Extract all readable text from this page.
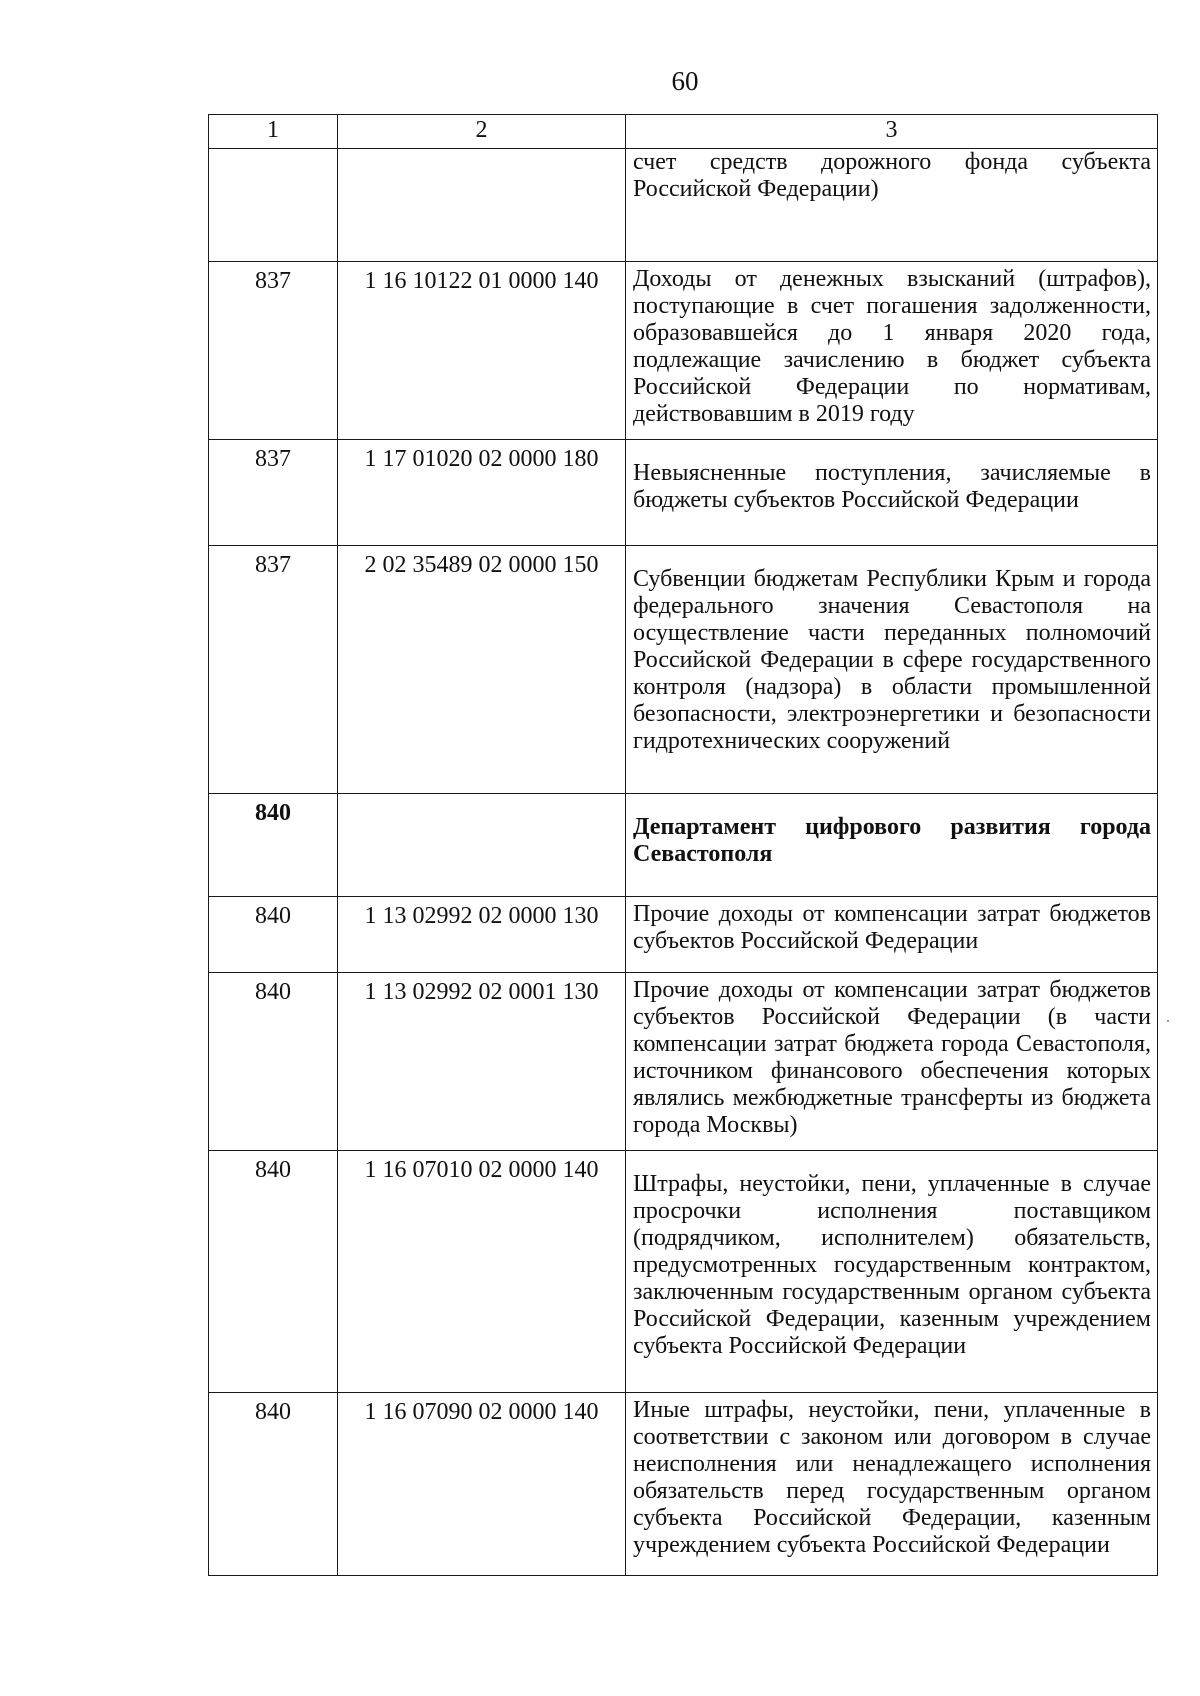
60
1	2	3
		счет средств дорожного фонда субъекта Российской Федерации)
837	1 16 10122 01 0000 140	Доходы от денежных взысканий (штрафов), поступающие в счет погашения задолженности, образовавшейся до 1 января 2020 года, подлежащие зачислению в бюджет субъекта Российской Федерации по нормативам, действовавшим в 2019 году
837	1 17 01020 02 0000 180	Невыясненные поступления, зачисляемые в бюджеты субъектов Российской Федерации
837	2 02 35489 02 0000 150	Субвенции бюджетам Республики Крым и города федерального значения Севастополя на осуществление части переданных полномочий Российской Федерации в сфере государственного контроля (надзора) в области промышленной безопасности, электроэнергетики и безопасности гидротехнических сооружений
840		Департамент цифрового развития города Севастополя
840	1 13 02992 02 0000 130	Прочие доходы от компенсации затрат бюджетов субъектов Российской Федерации
840	1 13 02992 02 0001 130	Прочие доходы от компенсации затрат бюджетов субъектов Российской Федерации (в части компенсации затрат бюджета города Севастополя, источником финансового обеспечения которых являлись межбюджетные трансферты из бюджета города Москвы)
840	1 16 07010 02 0000 140	Штрафы, неустойки, пени, уплаченные в случае просрочки исполнения поставщиком (подрядчиком, исполнителем) обязательств, предусмотренных государственным контрактом, заключенным государственным органом субъекта Российской Федерации, казенным учреждением субъекта Российской Федерации
840	1 16 07090 02 0000 140	Иные штрафы, неустойки, пени, уплаченные в соответствии с законом или договором в случае неисполнения или ненадлежащего исполнения обязательств перед государственным органом субъекта Российской Федерации, казенным учреждением субъекта Российской Федерации
